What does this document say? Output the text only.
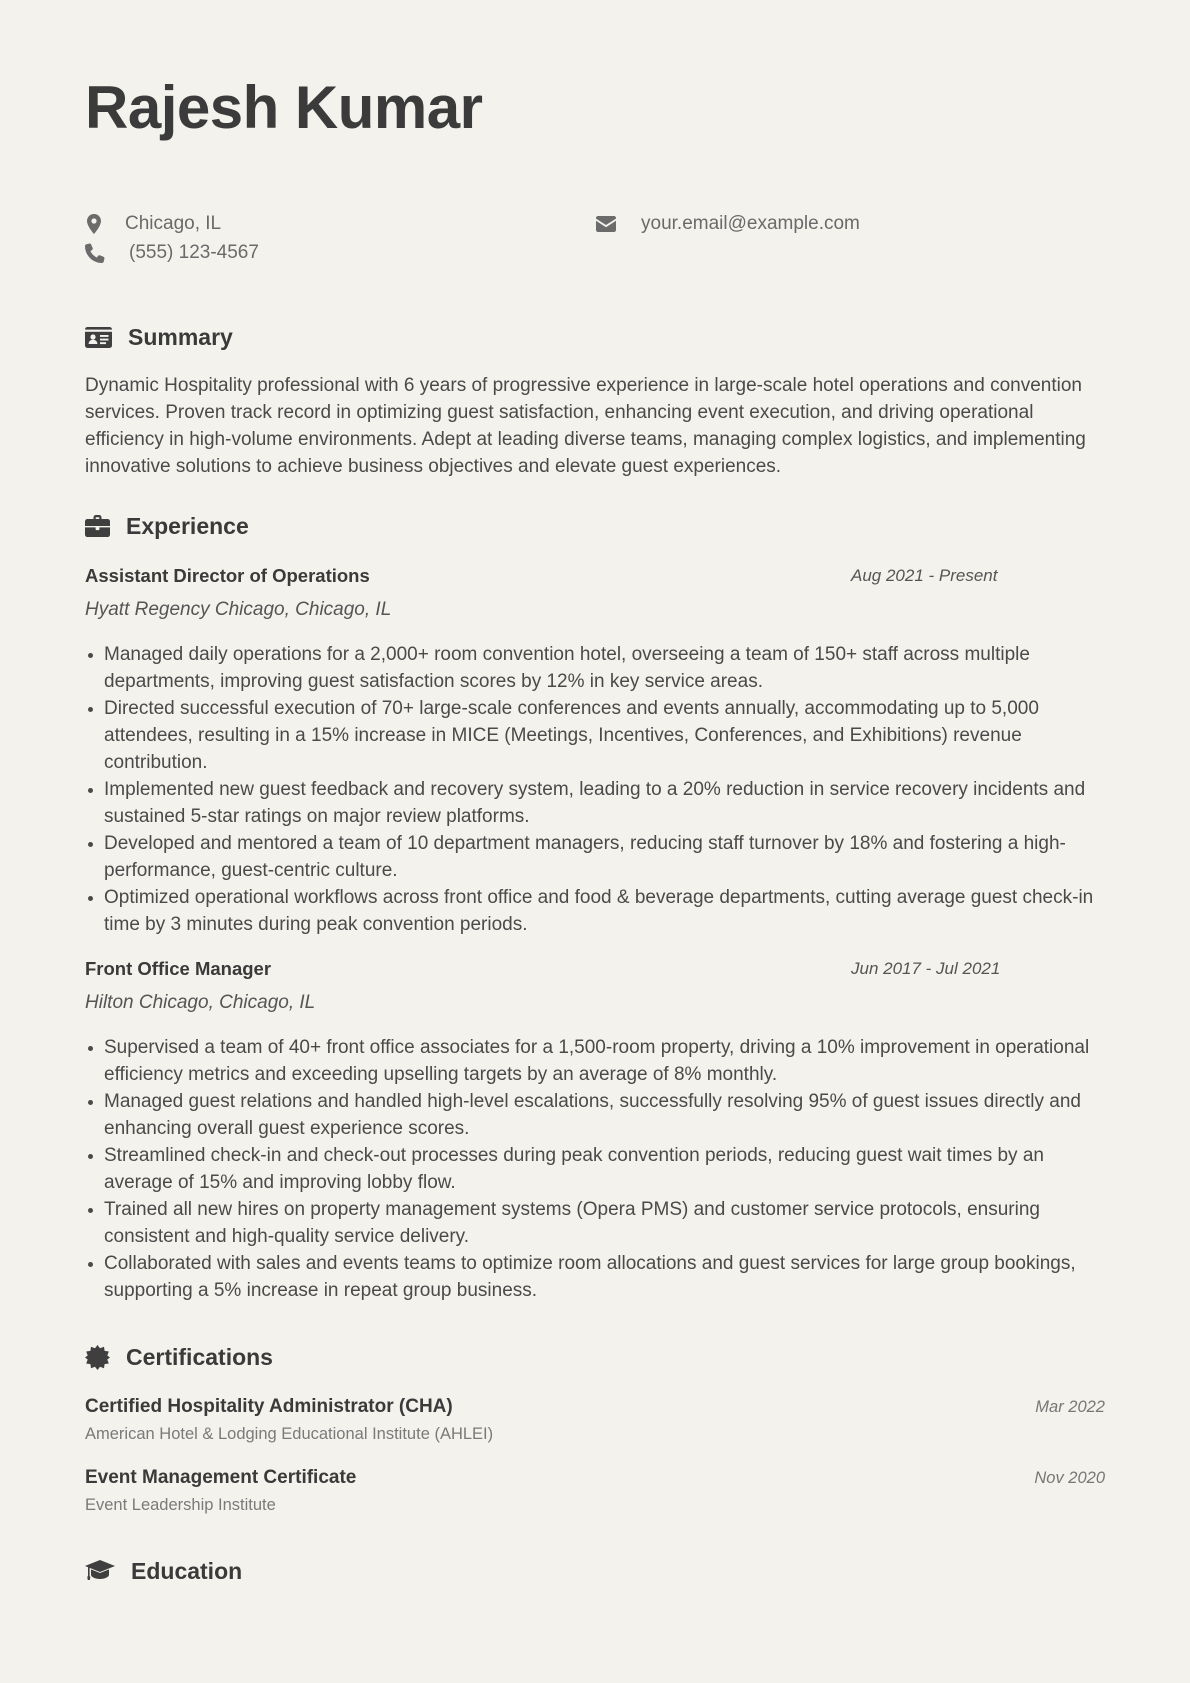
Rajesh Kumar
Chicago, IL
(555) 123-4567
your.email@example.com
Summary

Dynamic Hospitality professional with 6 years of progressive experience in large-scale hotel operations and convention services. Proven track record in optimizing guest satisfaction, enhancing event execution, and driving operational efficiency in high-volume environments. Adept at leading diverse teams, managing complex logistics, and implementing innovative solutions to achieve business objectives and elevate guest experiences.

Experience
Assistant Director of Operations	Aug 2021 - Present
Hyatt Regency Chicago, Chicago, IL
Managed daily operations for a 2,000+ room convention hotel, overseeing a team of 150+ staff across multiple departments, improving guest satisfaction scores by 12% in key service areas.
Directed successful execution of 70+ large-scale conferences and events annually, accommodating up to 5,000 attendees, resulting in a 15% increase in MICE (Meetings, Incentives, Conferences, and Exhibitions) revenue contribution.
Implemented new guest feedback and recovery system, leading to a 20% reduction in service recovery incidents and sustained 5-star ratings on major review platforms.
Developed and mentored a team of 10 department managers, reducing staff turnover by 18% and fostering a high-performance, guest-centric culture.
Optimized operational workflows across front office and food & beverage departments, cutting average guest check-in time by 3 minutes during peak convention periods.
Front Office Manager	Jun 2017 - Jul 2021
Hilton Chicago, Chicago, IL
Supervised a team of 40+ front office associates for a 1,500-room property, driving a 10% improvement in operational efficiency metrics and exceeding upselling targets by an average of 8% monthly.
Managed guest relations and handled high-level escalations, successfully resolving 95% of guest issues directly and enhancing overall guest experience scores.
Streamlined check-in and check-out processes during peak convention periods, reducing guest wait times by an average of 15% and improving lobby flow.
Trained all new hires on property management systems (Opera PMS) and customer service protocols, ensuring consistent and high-quality service delivery.
Collaborated with sales and events teams to optimize room allocations and guest services for large group bookings, supporting a 5% increase in repeat group business.
Certifications
Certified Hospitality Administrator (CHA)
American Hotel & Lodging Educational Institute (AHLEI)
Mar 2022
Event Management Certificate
Event Leadership Institute
Nov 2020
Education
